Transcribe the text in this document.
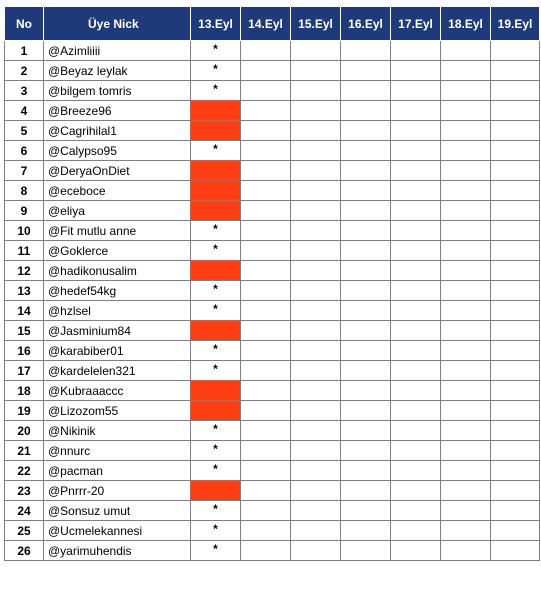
No	Üye Nick	13.Eyl	14.Eyl	15.Eyl	16.Eyl	17.Eyl	18.Eyl	19.Eyl
1	@Azimliiii	*						
2	@Beyaz leylak	*						
3	@bilgem tomris	*						
4	@Breeze96							
5	@Cagrihilal1							
6	@Calypso95	*						
7	@DeryaOnDiet							
8	@eceboce							
9	@eliya							
10	@Fit mutlu anne	*						
11	@Goklerce	*						
12	@hadikonusalim							
13	@hedef54kg	*						
14	@hzlsel	*						
15	@Jasminium84							
16	@karabiber01	*						
17	@kardelelen321	*						
18	@Kubraaaccc							
19	@Lizozom55							
20	@Nikinik	*						
21	@nnurc	*						
22	@pacman	*						
23	@Pnrrr-20							
24	@Sonsuz umut	*						
25	@Ucmelekannesi	*						
26	@yarimuhendis	*						
